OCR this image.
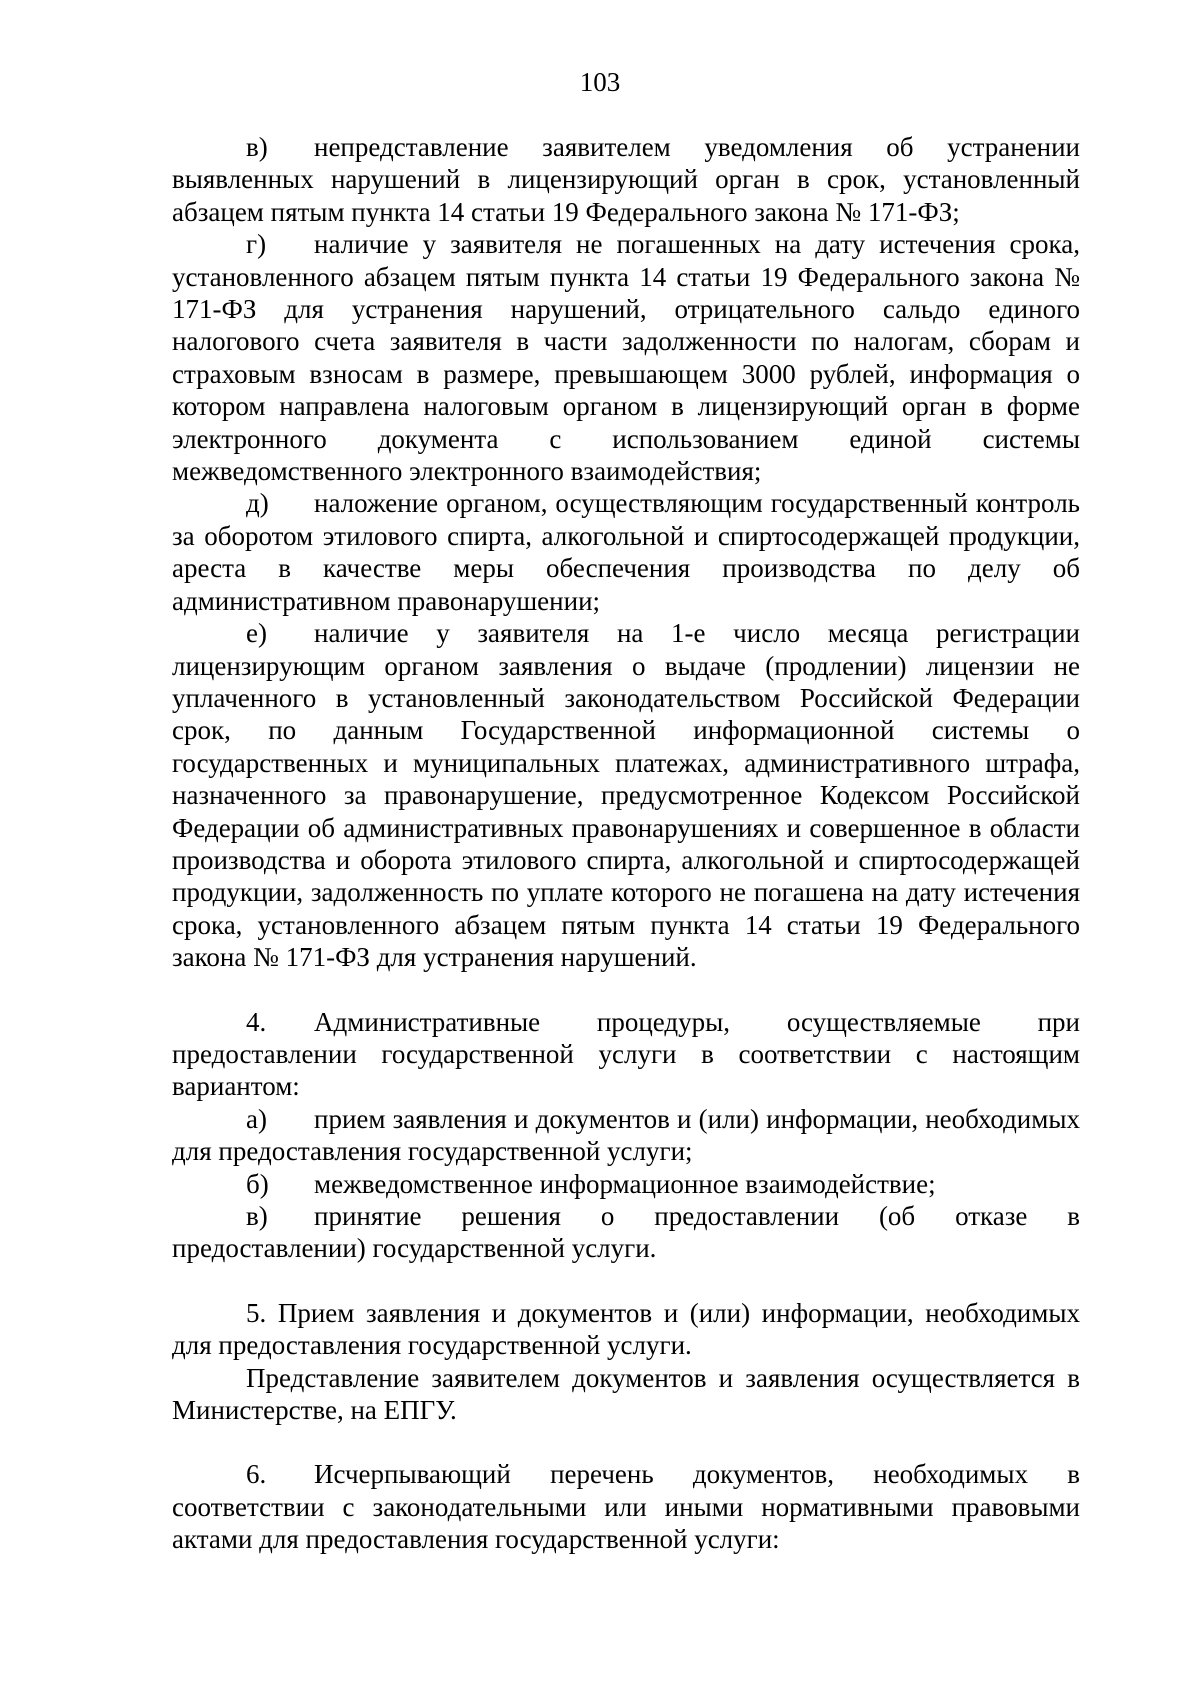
103

в) непредставление заявителем уведомления об устранении выявленных нарушений в лицензирующий орган в срок, установленный абзацем пятым пункта 14 статьи 19 Федерального закона № 171-ФЗ;

г) наличие у заявителя не погашенных на дату истечения срока, установленного абзацем пятым пункта 14 статьи 19 Федерального закона № 171-ФЗ для устранения нарушений, отрицательного сальдо единого налогового счета заявителя в части задолженности по налогам, сборам и страховым взносам в размере, превышающем 3000 рублей, информация о котором направлена налоговым органом в лицензирующий орган в форме электронного документа с использованием единой системы межведомственного электронного взаимодействия;

д) наложение органом, осуществляющим государственный контроль за оборотом этилового спирта, алкогольной и спиртосодержащей продукции, ареста в качестве меры обеспечения производства по делу об административном правонарушении;

е) наличие у заявителя на 1-е число месяца регистрации лицензирующим органом заявления о выдаче (продлении) лицензии не уплаченного в установленный законодательством Российской Федерации срок, по данным Государственной информационной системы о государственных и муниципальных платежах, административного штрафа, назначенного за правонарушение, предусмотренное Кодексом Российской Федерации об административных правонарушениях и совершенное в области производства и оборота этилового спирта, алкогольной и спиртосодержащей продукции, задолженность по уплате которого не погашена на дату истечения срока, установленного абзацем пятым пункта 14 статьи 19 Федерального закона № 171-ФЗ для устранения нарушений.

4. Административные процедуры, осуществляемые при предоставлении государственной услуги в соответствии с настоящим вариантом:

а) прием заявления и документов и (или) информации, необходимых для предоставления государственной услуги;

б) межведомственное информационное взаимодействие;

в) принятие решения о предоставлении (об отказе в предоставлении) государственной услуги.

5. Прием заявления и документов и (или) информации, необходимых для предоставления государственной услуги.

Представление заявителем документов и заявления осуществляется в Министерстве, на ЕПГУ.

6. Исчерпывающий перечень документов, необходимых в соответствии с законодательными или иными нормативными правовыми актами для предоставления государственной услуги:
